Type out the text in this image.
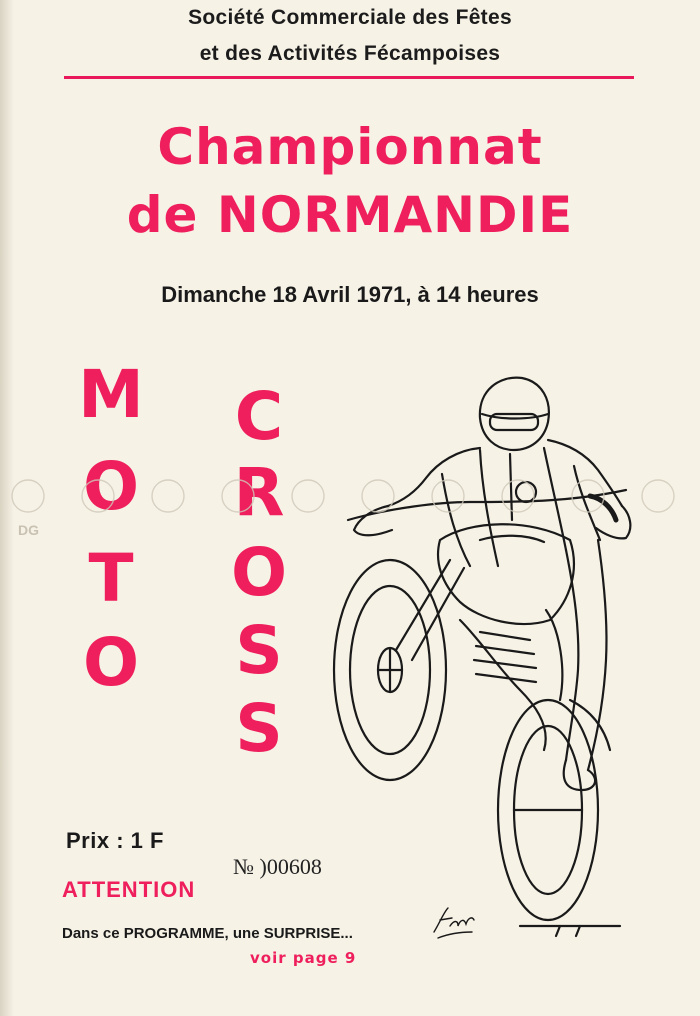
Société Commerciale des Fêtes
et des Activités Fécampoises
Championnat
de NORMANDIE
Dimanche 18 Avril 1971, à 14 heures
M
O
T
O
C
R
O
S
S
DG
Prix : 1 F
№ )00608
ATTENTION
Dans ce PROGRAMME, une SURPRISE...
voir page 9
